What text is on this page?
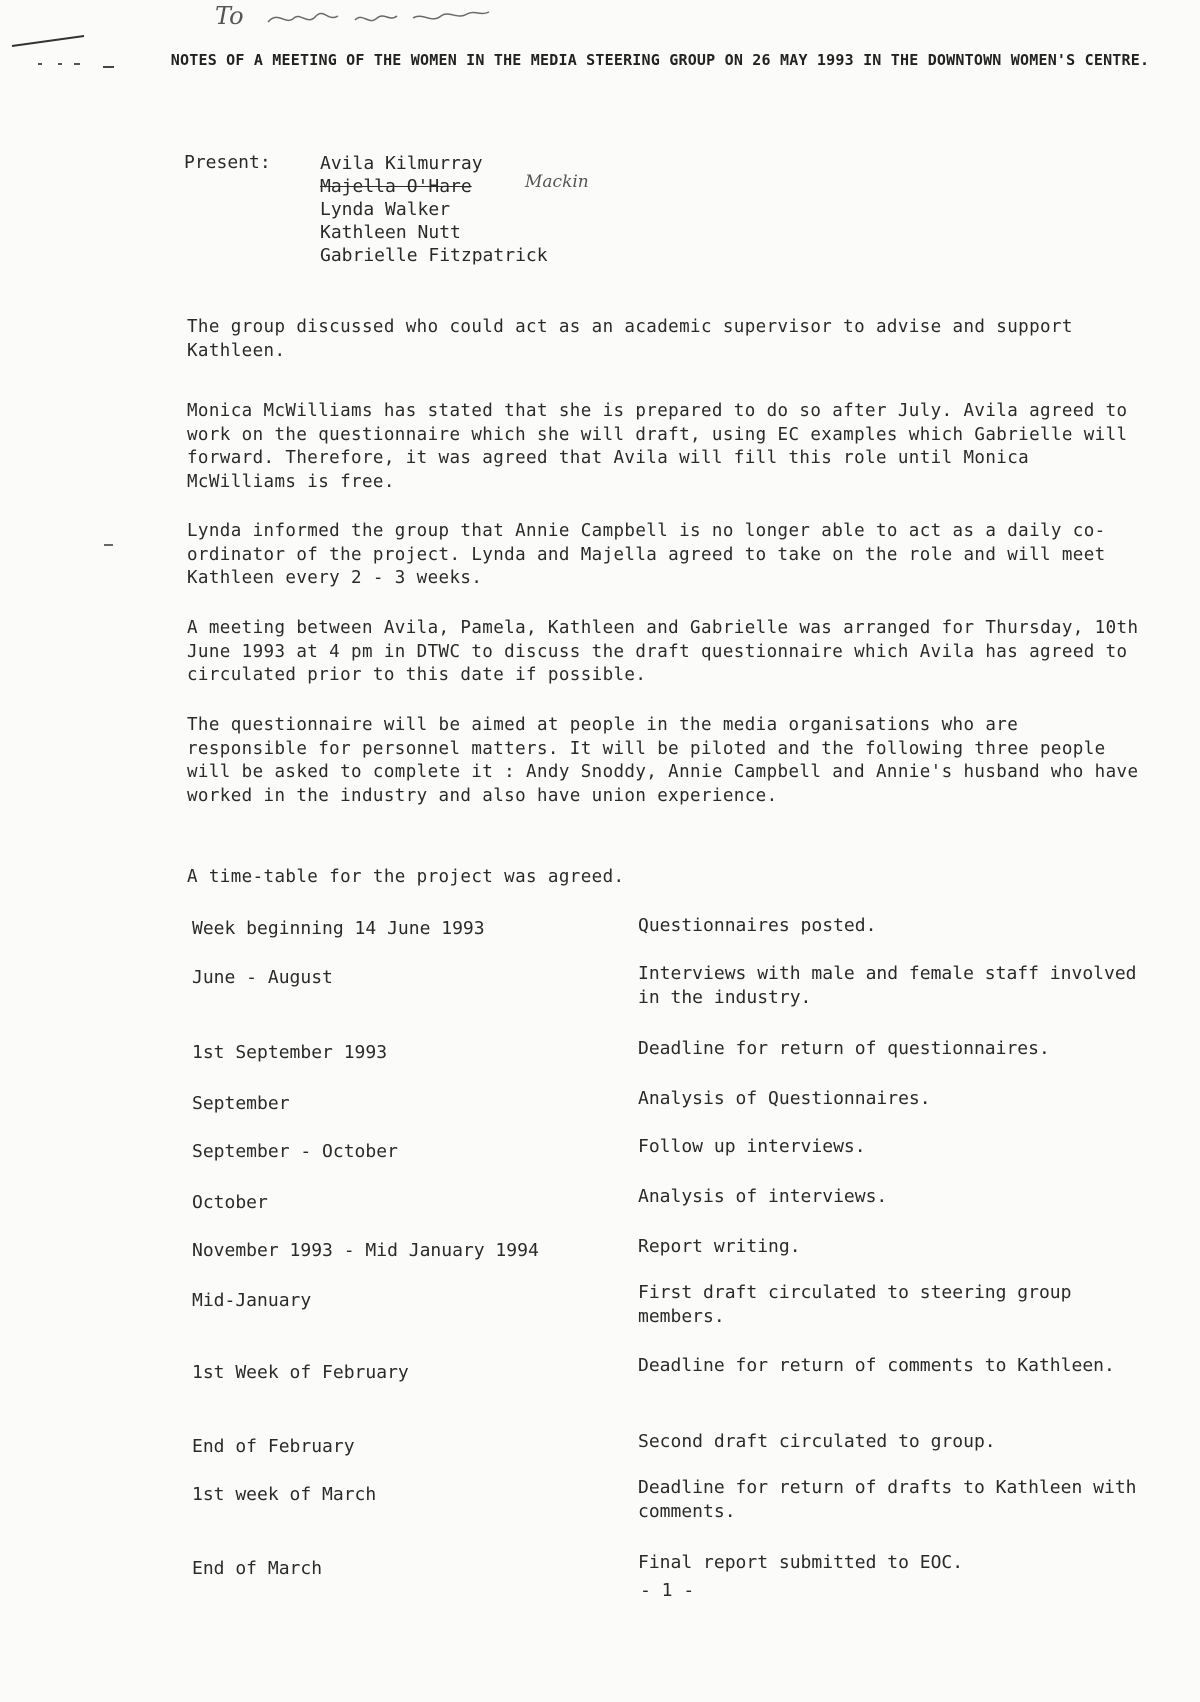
To
NOTES OF A MEETING OF THE WOMEN IN THE MEDIA STEERING GROUP ON 26 MAY 1993 IN THE DOWNTOWN WOMEN'S CENTRE.
Present:	Avila Kilmurray
Majella O'Hare	Mackin
Lynda Walker
Kathleen Nutt
Gabrielle Fitzpatrick
The group discussed who could act as an academic supervisor to advise and support Kathleen.
Monica McWilliams has stated that she is prepared to do so after July. Avila agreed to work on the questionnaire which she will draft, using EC examples which Gabrielle will forward. Therefore, it was agreed that Avila will fill this role until Monica McWilliams is free.
Lynda informed the group that Annie Campbell is no longer able to act as a daily co-ordinator of the project. Lynda and Majella agreed to take on the role and will meet Kathleen every 2 - 3 weeks.
A meeting between Avila, Pamela, Kathleen and Gabrielle was arranged for Thursday, 10th June 1993 at 4 pm in DTWC to discuss the draft questionnaire which Avila has agreed to circulated prior to this date if possible.
The questionnaire will be aimed at people in the media organisations who are responsible for personnel matters. It will be piloted and the following three people will be asked to complete it : Andy Snoddy, Annie Campbell and Annie's husband who have worked in the industry and also have union experience.
A time-table for the project was agreed.
Week beginning 14 June 1993	Questionnaires posted.
June - August	Interviews with male and female staff involved in the industry.
1st September 1993	Deadline for return of questionnaires.
September	Analysis of Questionnaires.
September - October	Follow up interviews.
October	Analysis of interviews.
November 1993 - Mid January 1994	Report writing.
Mid-January	First draft circulated to steering group members.
1st Week of February	Deadline for return of comments to Kathleen.
End of February	Second draft circulated to group.
1st week of March	Deadline for return of drafts to Kathleen with comments.
End of March	Final report submitted to EOC.
- 1 -
